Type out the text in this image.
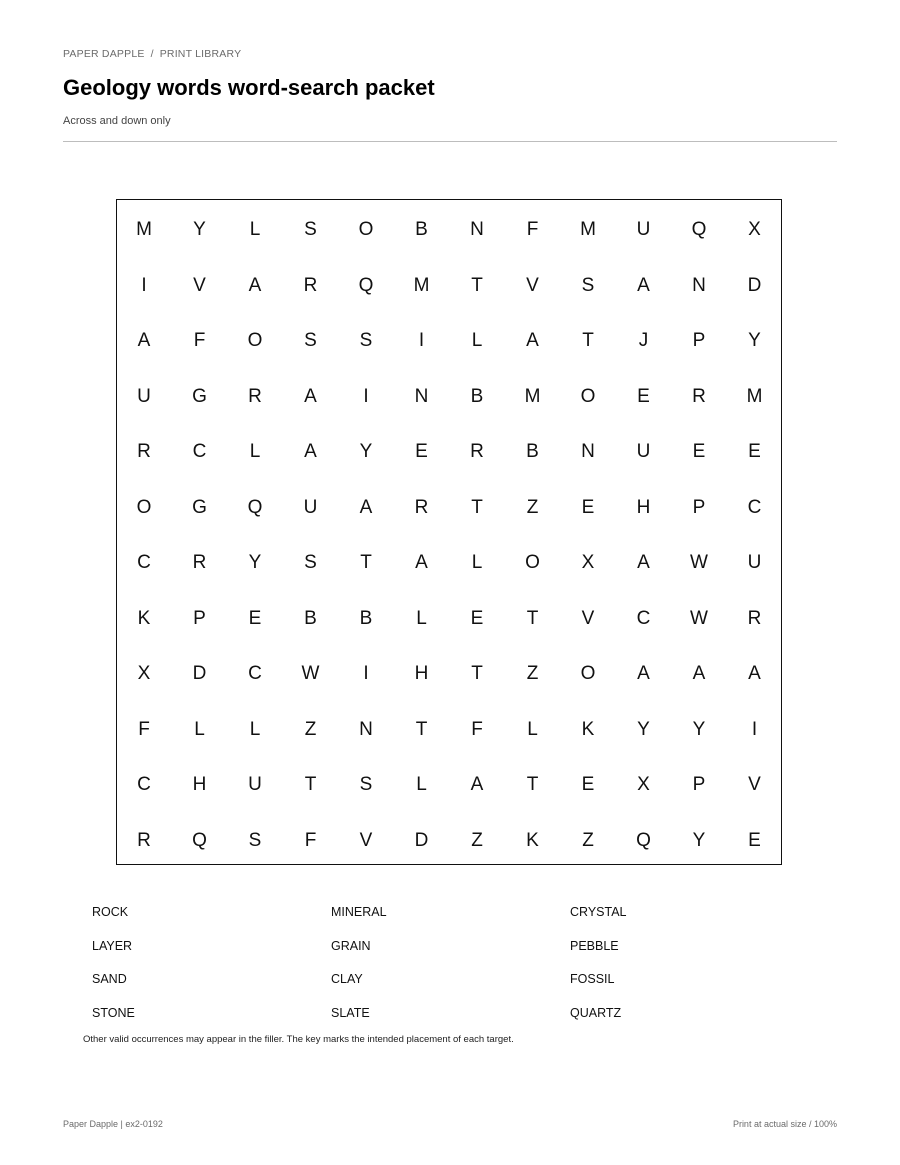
PAPER DAPPLE / PRINT LIBRARY
Geology words word-search packet
Across and down only
M	Y	L	S	O	B	N	F	M	U	Q	X
I	V	A	R	Q	M	T	V	S	A	N	D
A	F	O	S	S	I	L	A	T	J	P	Y
U	G	R	A	I	N	B	M	O	E	R	M
R	C	L	A	Y	E	R	B	N	U	E	E
O	G	Q	U	A	R	T	Z	E	H	P	C
C	R	Y	S	T	A	L	O	X	A	W	U
K	P	E	B	B	L	E	T	V	C	W	R
X	D	C	W	I	H	T	Z	O	A	A	A
F	L	L	Z	N	T	F	L	K	Y	Y	I
C	H	U	T	S	L	A	T	E	X	P	V
R	Q	S	F	V	D	Z	K	Z	Q	Y	E
ROCK
LAYER
SAND
STONE
MINERAL
GRAIN
CLAY
SLATE
CRYSTAL
PEBBLE
FOSSIL
QUARTZ
Other valid occurrences may appear in the filler. The key marks the intended placement of each target.
Paper Dapple | ex2-0192	Print at actual size / 100%
